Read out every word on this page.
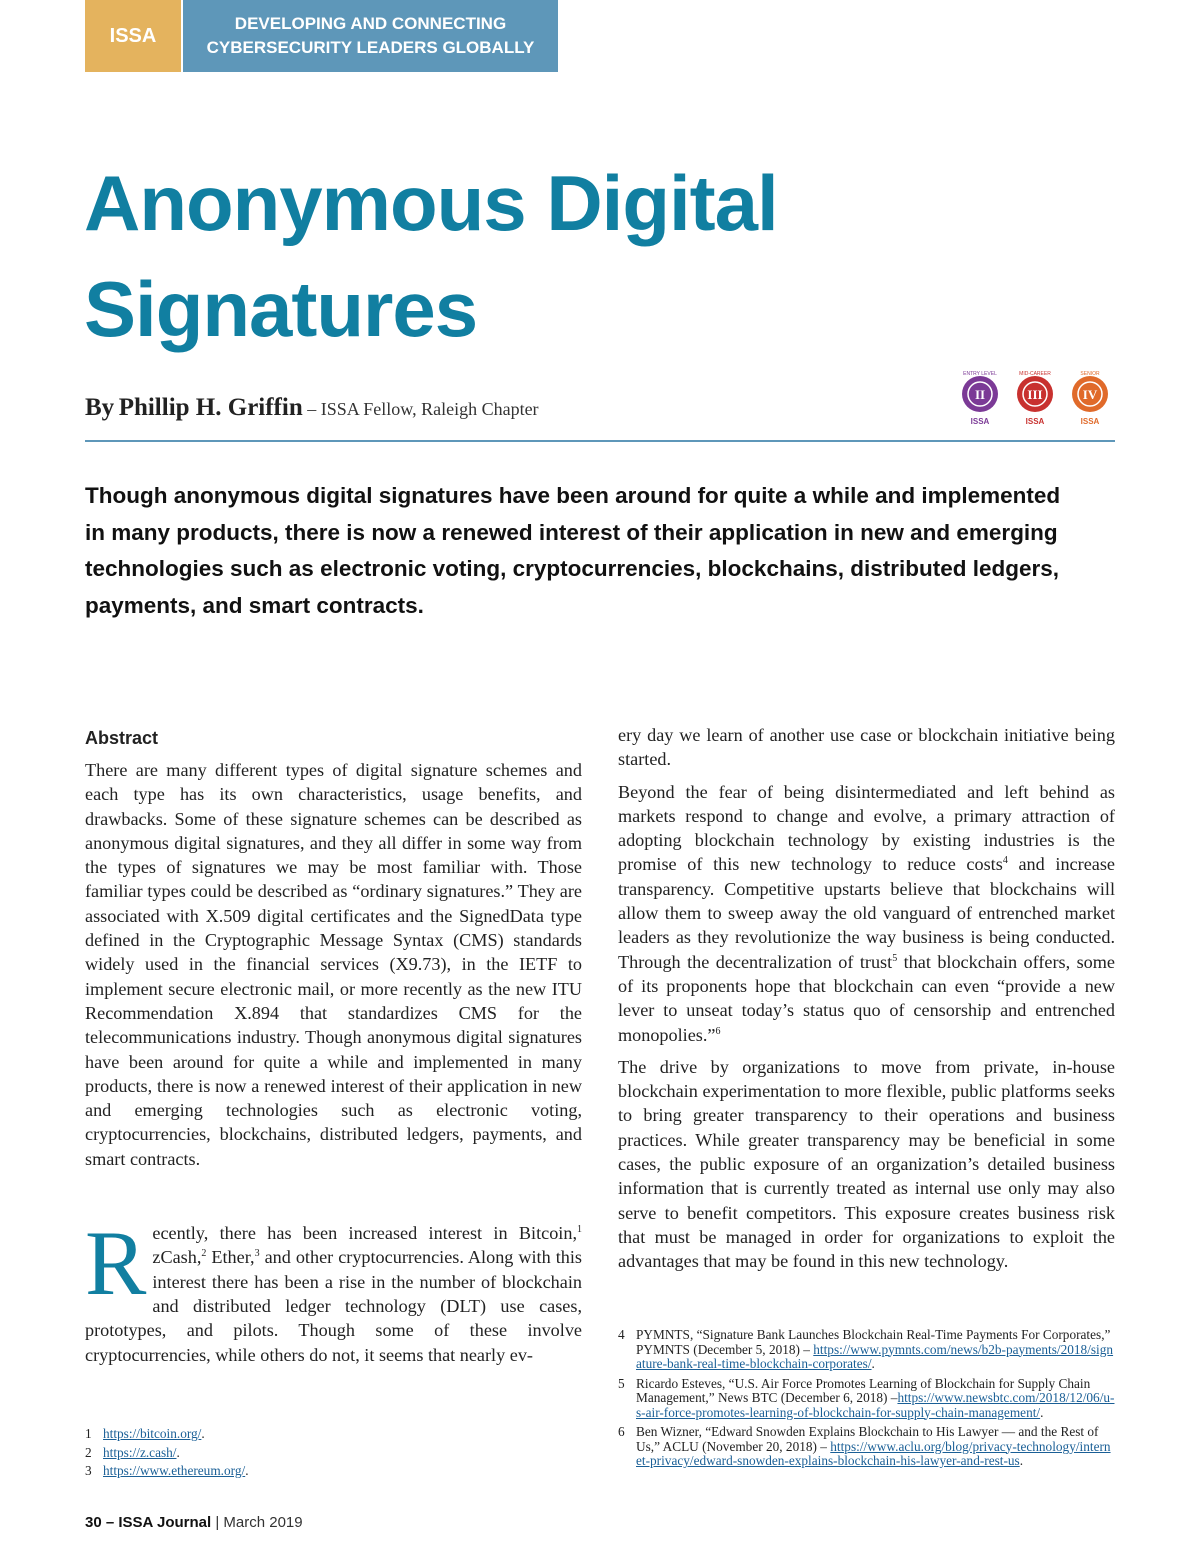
ISSA
DEVELOPING AND CONNECTING
CYBERSECURITY LEADERS GLOBALLY
Anonymous Digital
Signatures
By Phillip H. Griffin – ISSA Fellow, Raleigh Chapter
II
ENTRY LEVEL
ISSA
III
MID-CAREER
ISSA
IV
SENIOR
ISSA

Though anonymous digital signatures have been around for quite a while and implemented in many products, there is now a renewed interest of their application in new and emerging technologies such as electronic voting, cryptocurrencies, blockchains, distributed ledgers, payments, and smart contracts.

Abstract

There are many different types of digital signature schemes and each type has its own characteristics, usage benefits, and drawbacks. Some of these signature schemes can be described as anonymous digital signatures, and they all differ in some way from the types of signatures we may be most familiar with. Those familiar types could be described as “ordinary signatures.” They are associated with X.509 digital certificates and the SignedData type defined in the Cryptographic Message Syntax (CMS) standards widely used in the financial services (X9.73), in the IETF to implement secure electronic mail, or more recently as the new ITU Recommendation X.894 that standardizes CMS for the telecommunications industry. Though anonymous digital signatures have been around for quite a while and implemented in many products, there is now a renewed interest of their application in new and emerging technologies such as electronic voting, cryptocurrencies, blockchains, distributed ledgers, payments, and smart contracts.

Recently, there has been increased interest in Bitcoin,$^1$ zCash,$^2$ Ether,$^3$ and other cryptocurrencies. Along with this interest there has been a rise in the number of blockchain and distributed ledger technology (DLT) use cases, prototypes, and pilots. Though some of these involve cryptocurrencies, while others do not, it seems that nearly ev-

1 https://bitcoin.org/.
2 https://z.cash/.
3 https://www.ethereum.org/.

ery day we learn of another use case or blockchain initiative being started.

Beyond the fear of being disintermediated and left behind as markets respond to change and evolve, a primary attraction of adopting blockchain technology by existing industries is the promise of this new technology to reduce costs$^4$ and increase transparency. Competitive upstarts believe that blockchains will allow them to sweep away the old vanguard of entrenched market leaders as they revolutionize the way business is being conducted. Through the decentralization of trust$^5$ that blockchain offers, some of its proponents hope that blockchain can even “provide a new lever to unseat today’s status quo of censorship and entrenched monopolies.”$^6$

The drive by organizations to move from private, in-house blockchain experimentation to more flexible, public platforms seeks to bring greater transparency to their operations and business practices. While greater transparency may be beneficial in some cases, the public exposure of an organization’s detailed business information that is currently treated as internal use only may also serve to benefit competitors. This exposure creates business risk that must be managed in order for organizations to exploit the advantages that may be found in this new technology.

4 PYMNTS, “Signature Bank Launches Blockchain Real-Time Payments For Corporates,” PYMNTS (December 5, 2018) – https://www.pymnts.com/news/b2b-payments/2018/signature-bank-real-time-blockchain-corporates/.
5 Ricardo Esteves, “U.S. Air Force Promotes Learning of Blockchain for Supply Chain Management,” News BTC (December 6, 2018) –https://www.newsbtc.com/2018/12/06/u-s-air-force-promotes-learning-of-blockchain-for-supply-chain-management/.
6 Ben Wizner, “Edward Snowden Explains Blockchain to His Lawyer — and the Rest of Us,” ACLU (November 20, 2018) – https://www.aclu.org/blog/privacy-technology/internet-privacy/edward-snowden-explains-blockchain-his-lawyer-and-rest-us.
30 – ISSA Journal | March 2019
